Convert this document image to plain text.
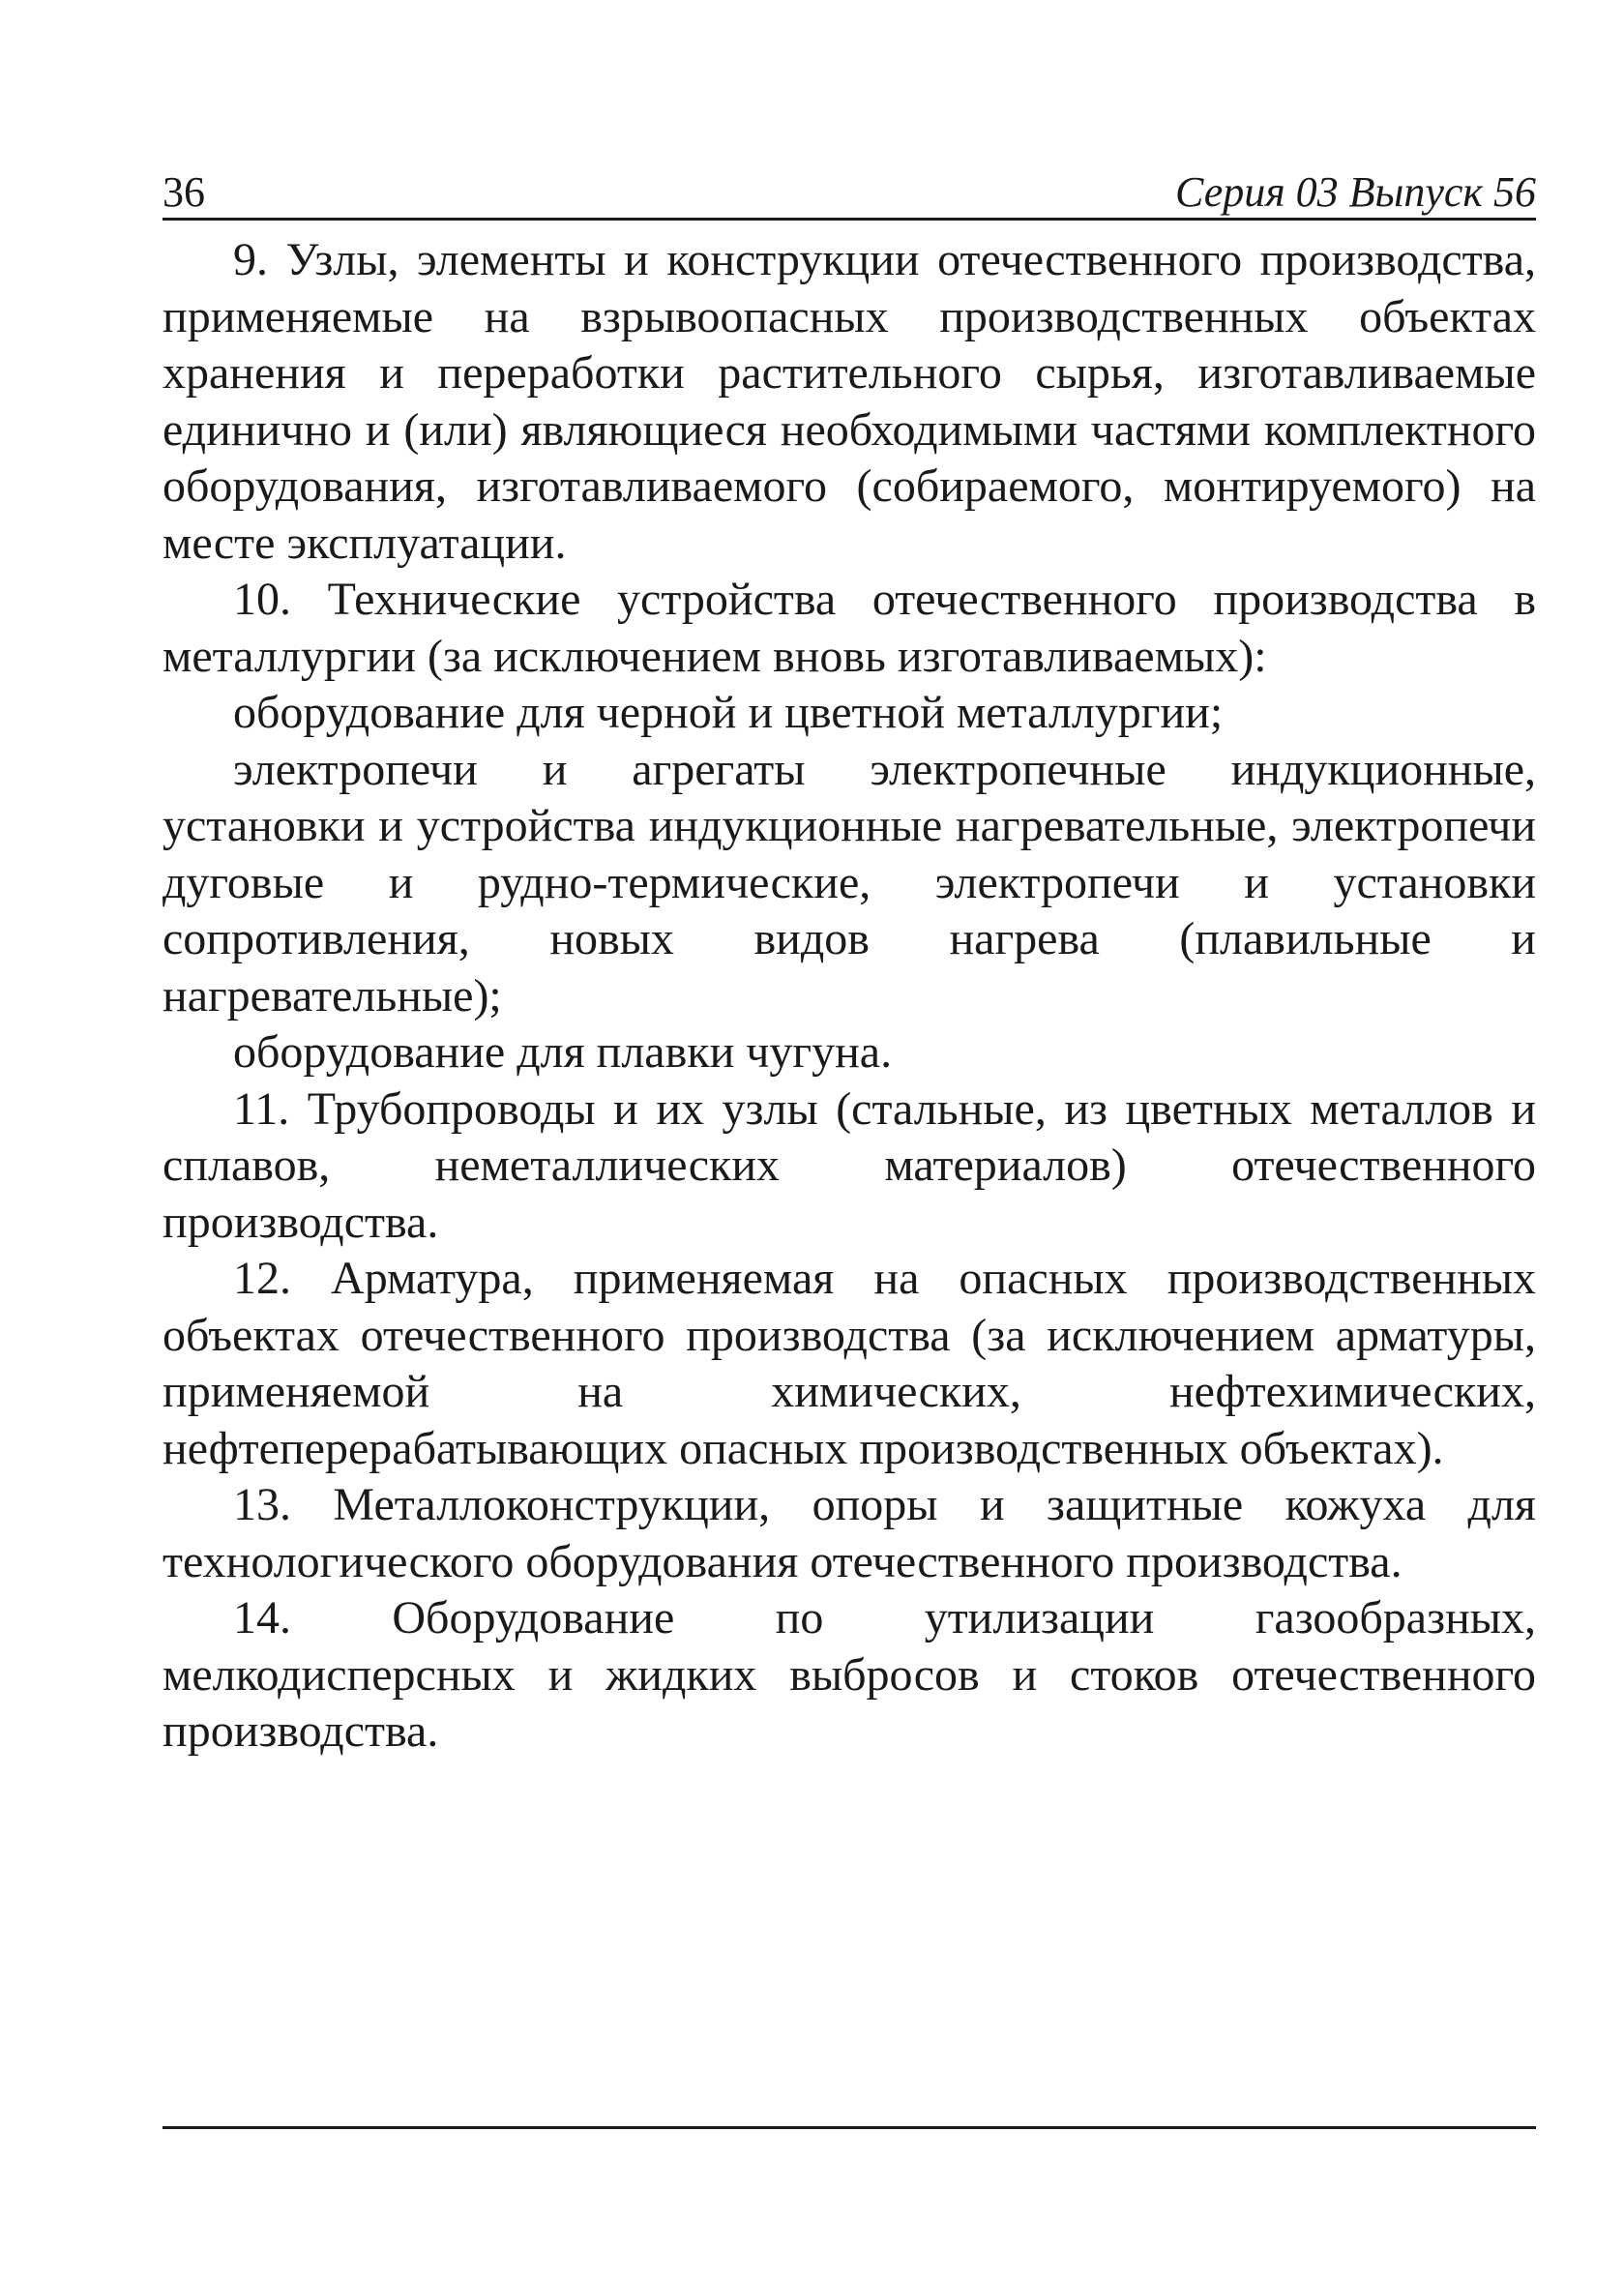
36	Серия 03 Выпуск 56

9. Узлы, элементы и конструкции отечественного производства, применяемые на взрывоопасных производственных объектах хранения и переработки растительного сырья, изготавливаемые единично и (или) являющиеся необходимыми частями комплектного оборудования, изготавливаемого (собираемого, монтируемого) на месте эксплуатации.

10. Технические устройства отечественного производства в металлургии (за исключением вновь изготавливаемых):

оборудование для черной и цветной металлургии;

электропечи и агрегаты электропечные индукционные, установки и устройства индукционные нагревательные, электропечи дуговые и рудно-термические, электропечи и установки сопротивления, новых видов нагрева (плавильные и нагревательные);

оборудование для плавки чугуна.

11. Трубопроводы и их узлы (стальные, из цветных металлов и сплавов, неметаллических материалов) отечественного производства.

12. Арматура, применяемая на опасных производственных объектах отечественного производства (за исключением арматуры, применяемой на химических, нефтехимических, нефтеперерабатывающих опасных производственных объектах).

13. Металлоконструкции, опоры и защитные кожуха для технологического оборудования отечественного производства.

14. Оборудование по утилизации газообразных, мелкодисперсных и жидких выбросов и стоков отечественного производства.
